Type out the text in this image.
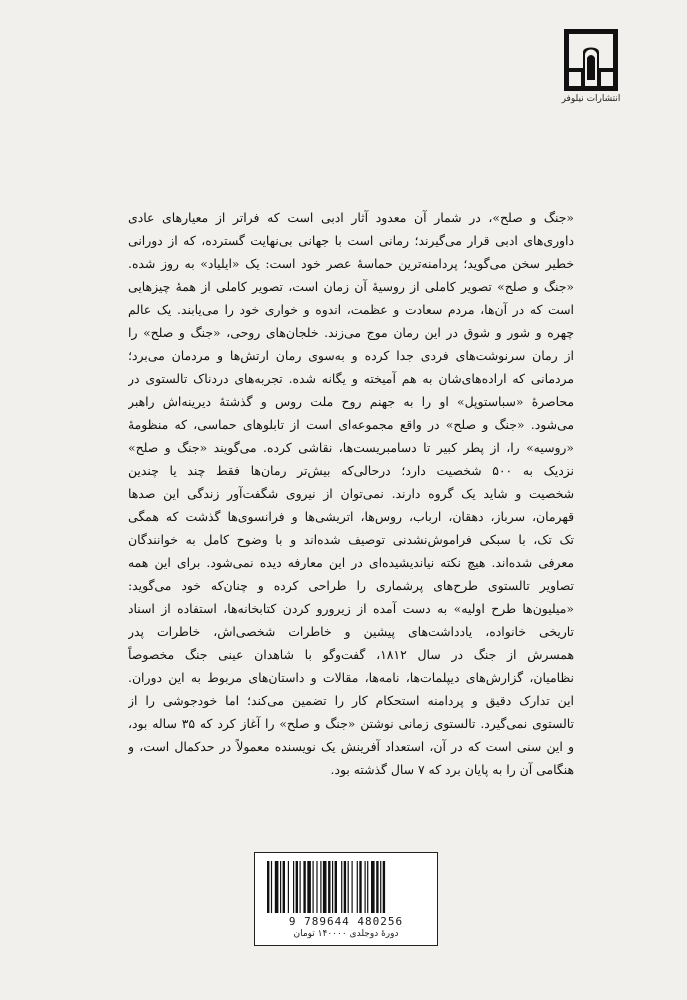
انتشارات نیلوفر
«جنگ و صلح»، در شمار آن معدود آثار ادبی است که فراتر از معیارهای عادی
داوری‌های ادبی قرار می‌گیرند؛ رمانی است با جهانی بی‌نهایت گسترده، که از دورانی
خطیر سخن می‌گوید؛ پردامنه‌ترین حماسهٔ عصر خود است: یک «ایلیاد» به روز شده.
«جنگ و صلح» تصویر کاملی از روسیهٔ آن زمان است، تصویر کاملی از همهٔ چیزهایی
است که در آن‌ها، مردم سعادت و عظمت، اندوه و خواری خود را می‌یابند. یک عالم
چهره و شور و شوق در این رمان موج می‌زند. خلجان‌های روحی، «جنگ و صلح» را
از رمان سرنوشت‌های فردی جدا کرده و به‌سوی رمان ارتش‌ها و مردمان می‌برد؛
مردمانی که اراده‌های‌شان به هم آمیخته و یگانه شده. تجربه‌های دردناک تالستوی در
محاصرهٔ «سباستوپل» او را به جهنم روح ملت روس و گذشتهٔ دیرینه‌اش راهبر
می‌شود. «جنگ و صلح» در واقع مجموعه‌ای است از تابلوهای حماسی، که منظومهٔ
«روسیه» را، از پطر کبیر تا دسامبریست‌ها، نقاشی کرده. می‌گویند «جنگ و صلح»
نزدیک به ۵۰۰ شخصیت دارد؛ درحالی‌که بیش‌تر رمان‌ها فقط چند یا چندین
شخصیت و شاید یک گروه دارند. نمی‌توان از نیروی شگفت‌آور زندگی این صدها
قهرمان، سرباز، دهقان، ارباب، روس‌ها، اتریشی‌ها و فرانسوی‌ها گذشت که همگی
تک تک، با سبکی فراموش‌نشدنی توصیف شده‌اند و با وضوح کامل به خوانندگان
معرفی شده‌اند. هیچ نکته نیاندیشیده‌ای در این معارفه دیده نمی‌شود. برای این همه
تصاویر تالستوی طرح‌های پرشماری را طراحی کرده و چنان‌که خود می‌گوید:
«میلیون‌ها طرح اولیه» به دست آمده از زیرورو کردن کتابخانه‌ها، استفاده از اسناد
تاریخی خانواده، یادداشت‌های پیشین و خاطرات شخصی‌اش، خاطرات پدر
همسرش از جنگ در سال ۱۸۱۲، گفت‌وگو با شاهدان عینی جنگ مخصوصاً
نظامیان، گزارش‌های دیپلمات‌ها، نامه‌ها، مقالات و داستان‌های مربوط به این دوران.
این تدارک دقیق و پردامنه استحکام کار را تضمین می‌کند؛ اما خودجوشی را از
تالستوی نمی‌گیرد. تالستوی زمانی نوشتن «جنگ و صلح» را آغاز کرد که ۳۵ ساله بود،
و این سنی است که در آن، استعداد آفرینش یک نویسنده معمولاً در حدکمال است، و
هنگامی آن را به پایان برد که ۷ سال گذشته بود.
9 789644 480256
دورهٔ دوجلدی ۱۴۰۰۰۰ تومان
